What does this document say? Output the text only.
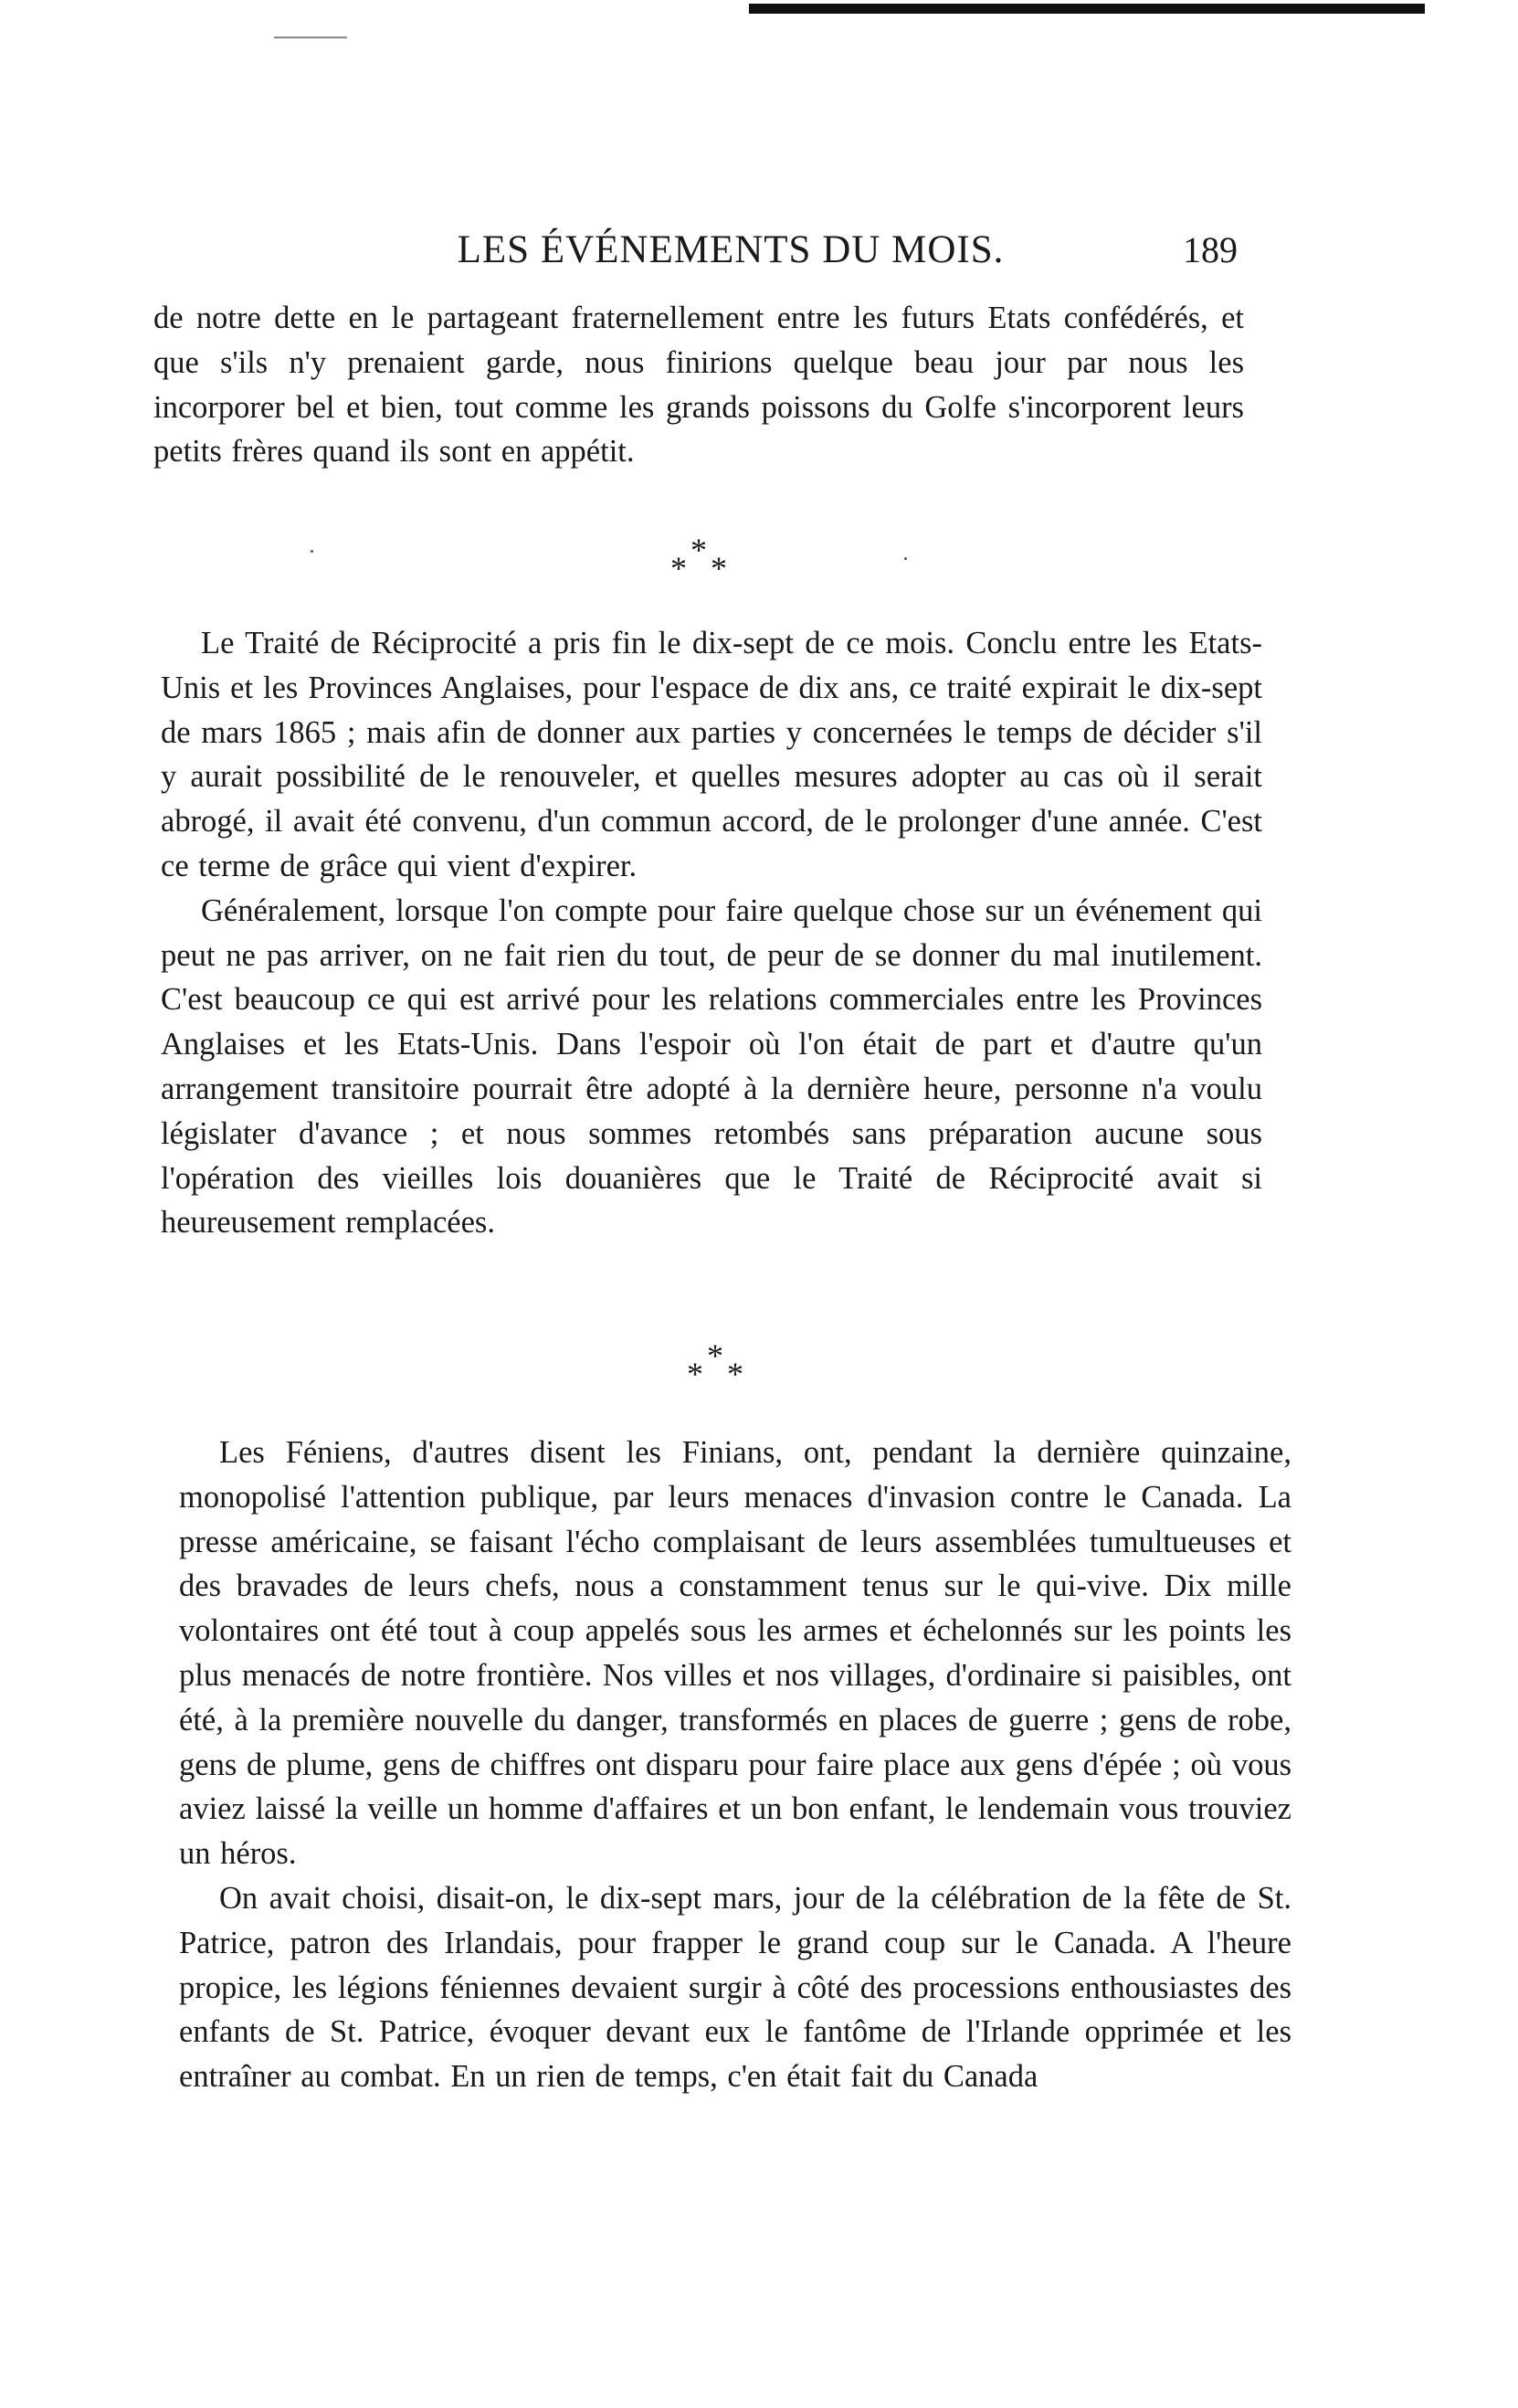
LES ÉVÉNEMENTS DU MOIS.	189

de notre dette en le partageant fraternellement entre les futurs Etats confédérés, et que s'ils n'y prenaient garde, nous finirions quelque beau jour par nous les incorporer bel et bien, tout comme les grands poissons du Golfe s'incorporent leurs petits frères quand ils sont en appétit.

* * *

Le Traité de Réciprocité a pris fin le dix-sept de ce mois. Conclu entre les Etats-Unis et les Provinces Anglaises, pour l'espace de dix ans, ce traité expirait le dix-sept de mars 1865 ; mais afin de donner aux parties y concernées le temps de décider s'il y aurait possibilité de le renouveler, et quelles mesures adopter au cas où il serait abrogé, il avait été convenu, d'un commun accord, de le prolonger d'une année. C'est ce terme de grâce qui vient d'expirer.

Généralement, lorsque l'on compte pour faire quelque chose sur un événement qui peut ne pas arriver, on ne fait rien du tout, de peur de se donner du mal inutilement. C'est beaucoup ce qui est arrivé pour les relations commerciales entre les Provinces Anglaises et les Etats-Unis. Dans l'espoir où l'on était de part et d'autre qu'un arrangement transitoire pourrait être adopté à la dernière heure, personne n'a voulu législater d'avance ; et nous sommes retombés sans préparation aucune sous l'opération des vieilles lois douanières que le Traité de Réciprocité avait si heureusement remplacées.

* * *

Les Féniens, d'autres disent les Finians, ont, pendant la dernière quinzaine, monopolisé l'attention publique, par leurs menaces d'invasion contre le Canada. La presse américaine, se faisant l'écho complaisant de leurs assemblées tumultueuses et des bravades de leurs chefs, nous a constamment tenus sur le qui-vive. Dix mille volontaires ont été tout à coup appelés sous les armes et échelonnés sur les points les plus menacés de notre frontière. Nos villes et nos villages, d'ordinaire si paisibles, ont été, à la première nouvelle du danger, transformés en places de guerre ; gens de robe, gens de plume, gens de chiffres ont disparu pour faire place aux gens d'épée ; où vous aviez laissé la veille un homme d'affaires et un bon enfant, le lendemain vous trouviez un héros.

On avait choisi, disait-on, le dix-sept mars, jour de la célébration de la fête de St. Patrice, patron des Irlandais, pour frapper le grand coup sur le Canada. A l'heure propice, les légions féniennes devaient surgir à côté des processions enthousiastes des enfants de St. Patrice, évoquer devant eux le fantôme de l'Irlande opprimée et les entraîner au combat. En un rien de temps, c'en était fait du Canada
